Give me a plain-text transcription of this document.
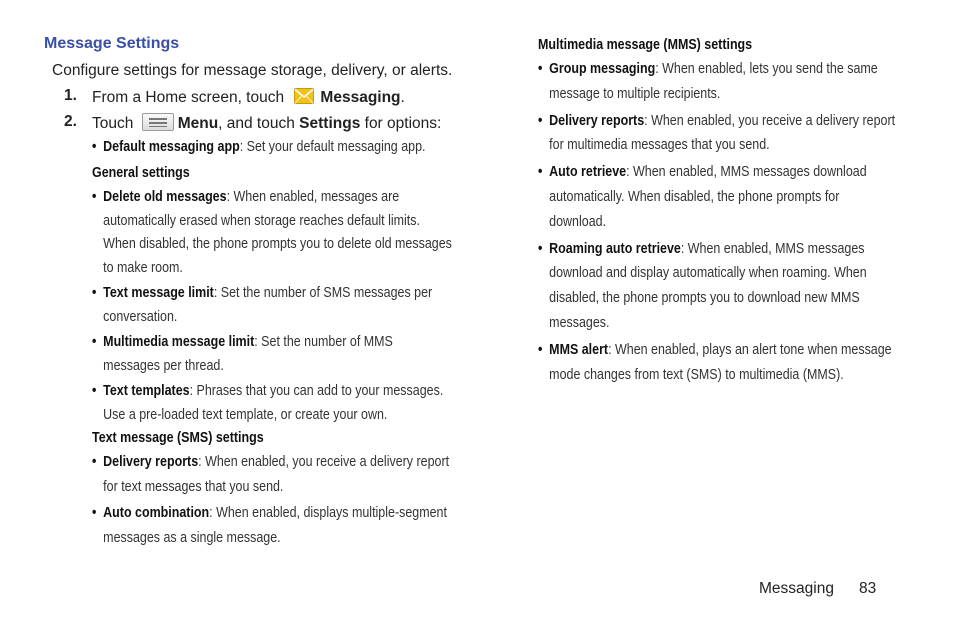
Message Settings
Configure settings for message storage, delivery, or alerts.
1. From a Home screen, touch Messaging.
2. Touch	Menu, and touch Settings for options:
• Default messaging app: Set your default messaging app.
General settings
• Delete old messages: When enabled, messages are
automatically erased when storage reaches default limits.
When disabled, the phone prompts you to delete old messages
to make room.
• Text message limit: Set the number of SMS messages per
conversation.
• Multimedia message limit: Set the number of MMS
messages per thread.
• Text templates: Phrases that you can add to your messages.
Use a pre-loaded text template, or create your own.
Text message (SMS) settings
• Delivery reports: When enabled, you receive a delivery report
for text messages that you send.
• Auto combination: When enabled, displays multiple-segment
messages as a single message.
Multimedia message (MMS) settings
• Group messaging: When enabled, lets you send the same
message to multiple recipients.
• Delivery reports: When enabled, you receive a delivery report
for multimedia messages that you send.
• Auto retrieve: When enabled, MMS messages download
automatically. When disabled, the phone prompts for
download.
• Roaming auto retrieve: When enabled, MMS messages
download and display automatically when roaming. When
disabled, the phone prompts you to download new MMS
messages.
• MMS alert: When enabled, plays an alert tone when message
mode changes from text (SMS) to multimedia (MMS).
Messaging 83
